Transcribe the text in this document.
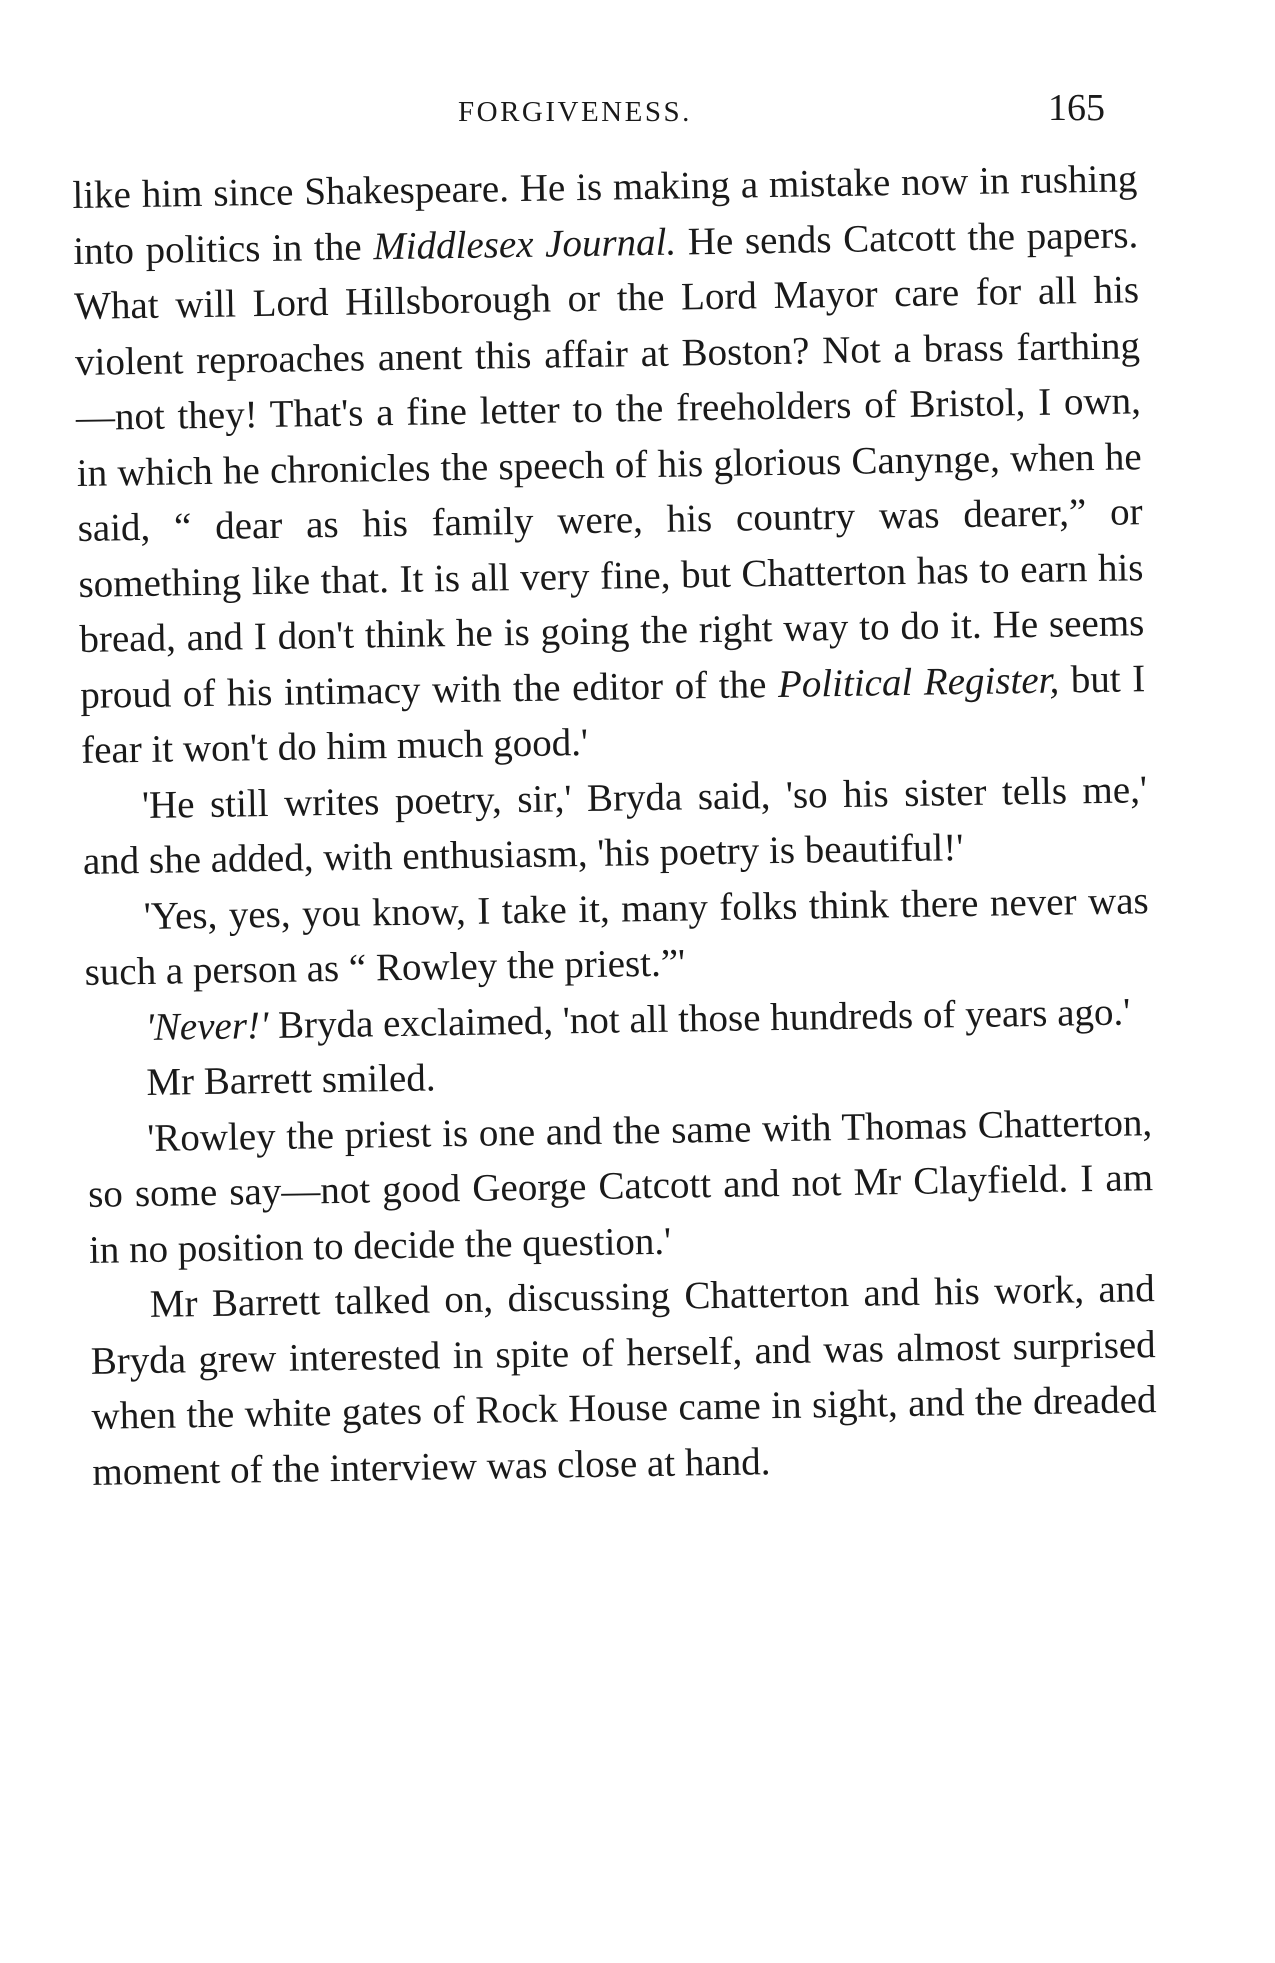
FORGIVENESS.	165

like him since Shakespeare. He is making a mistake now in rushing into politics in the Middlesex Journal. He sends Catcott the papers. What will Lord Hillsborough or the Lord Mayor care for all his violent reproaches anent this affair at Boston? Not a brass farthing—not they! That's a fine letter to the freeholders of Bristol, I own, in which he chronicles the speech of his glorious Canynge, when he said, “ dear as his family were, his country was dearer,” or something like that. It is all very fine, but Chatterton has to earn his bread, and I don't think he is going the right way to do it. He seems proud of his intimacy with the editor of the Political Register, but I fear it won't do him much good.'

'He still writes poetry, sir,' Bryda said, 'so his sister tells me,' and she added, with enthusiasm, 'his poetry is beautiful!'

'Yes, yes, you know, I take it, many folks think there never was such a person as “ Rowley the priest.”'

'Never!' Bryda exclaimed, 'not all those hundreds of years ago.'

Mr Barrett smiled.

'Rowley the priest is one and the same with Thomas Chatterton, so some say—not good George Catcott and not Mr Clayfield. I am in no position to decide the question.'

Mr Barrett talked on, discussing Chatterton and his work, and Bryda grew interested in spite of herself, and was almost surprised when the white gates of Rock House came in sight, and the dreaded moment of the interview was close at hand.
